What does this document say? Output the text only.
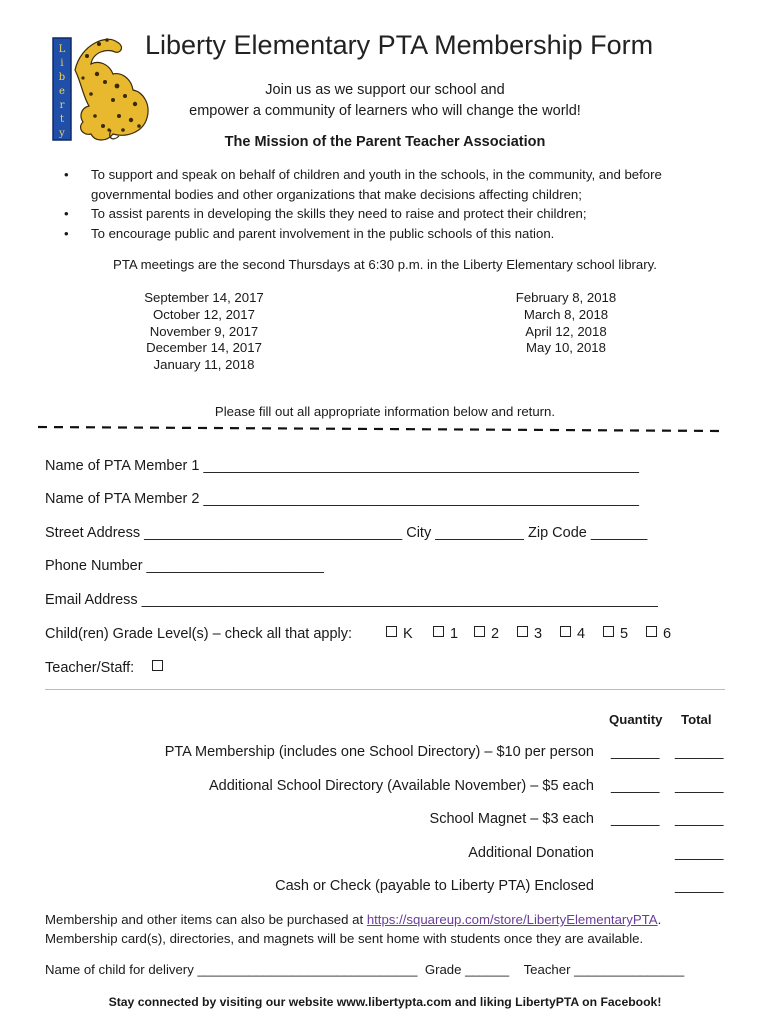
L
i
b
e
r
t
y
Liberty Elementary PTA Membership Form
Join us as we support our school and
empower a community of learners who will change the world!
The Mission of the Parent Teacher Association
• To support and speak on behalf of children and youth in the schools, in the community, and before governmental bodies and other organizations that make decisions affecting children;
• To assist parents in developing the skills they need to raise and protect their children;
• To encourage public and parent involvement in the public schools of this nation.
PTA meetings are the second Thursdays at 6:30 p.m. in the Liberty Elementary school library.
September 14, 2017
October 12, 2017
November 9, 2017
December 14, 2017
January 11, 2018
February 8, 2018
March 8, 2018
April 12, 2018
May 10, 2018
Please fill out all appropriate information below and return.
Name of PTA Member 1 ______________________________________________________
Name of PTA Member 2 ______________________________________________________
Street Address ________________________________ City ___________ Zip Code _______
Phone Number ______________________
Email Address ________________________________________________________________
Child(ren) Grade Level(s) – check all that apply:	K	1	2	3	4	5	6
Teacher/Staff:
Quantity Total
PTA Membership (includes one School Directory) – $10 per person ______ ______
Additional School Directory (Available November) – $5 each ______ ______
School Magnet – $3 each ______ ______
Additional Donation	______
Cash or Check (payable to Liberty PTA) Enclosed	______
Membership and other items can also be purchased at https://squareup.com/store/LibertyElementaryPTA.
Membership card(s), directories, and magnets will be sent home with students once they are available.
Name of child for delivery ______________________________ Grade ______ Teacher _______________
Stay connected by visiting our website www.libertypta.com and liking LibertyPTA on Facebook!
